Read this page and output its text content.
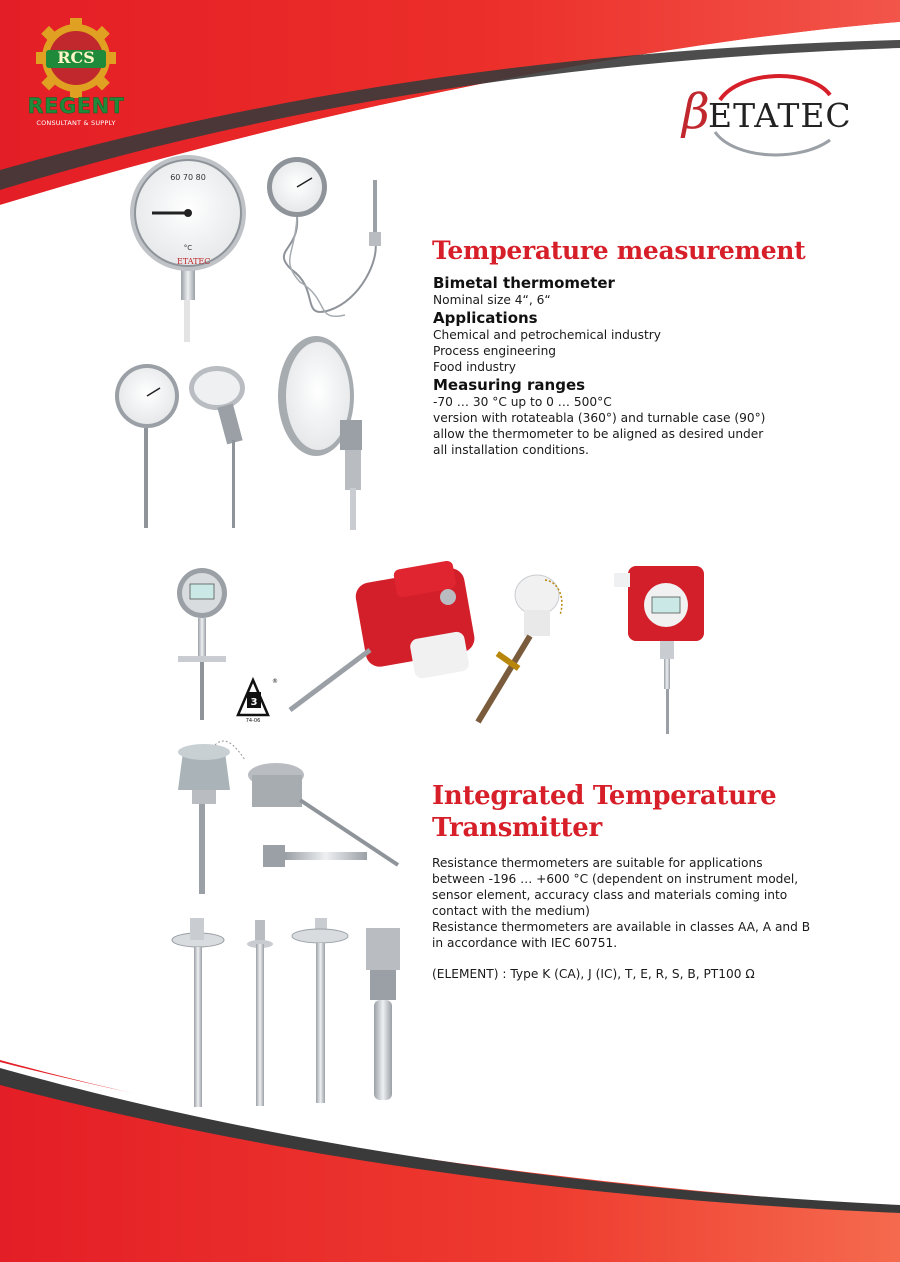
60 70 80
°C
ETATEC
®
3
74-06
RCS
REGENT
CONSULTANT & SUPPLY	β
ETATEC
Temperature measurement
Bimetal thermometer
Nominal size 4“, 6“
Applications
Chemical and petrochemical industry
Process engineering
Food industry
Measuring ranges
-70 … 30 °C up to 0 … 500°C
version with rotateabla (360°) and turnable case (90°)
allow the thermometer to be aligned as desired under
all installation conditions.
Integrated Temperature
Transmitter
Resistance thermometers are suitable for applications
between -196 … +600 °C (dependent on instrument model,
sensor element, accuracy class and materials coming into
contact with the medium)
Resistance thermometers are available in classes AA, A and B
in accordance with IEC 60751.
(ELEMENT) : Type K (CA), J (IC), T, E, R, S, B, PT100 Ω
